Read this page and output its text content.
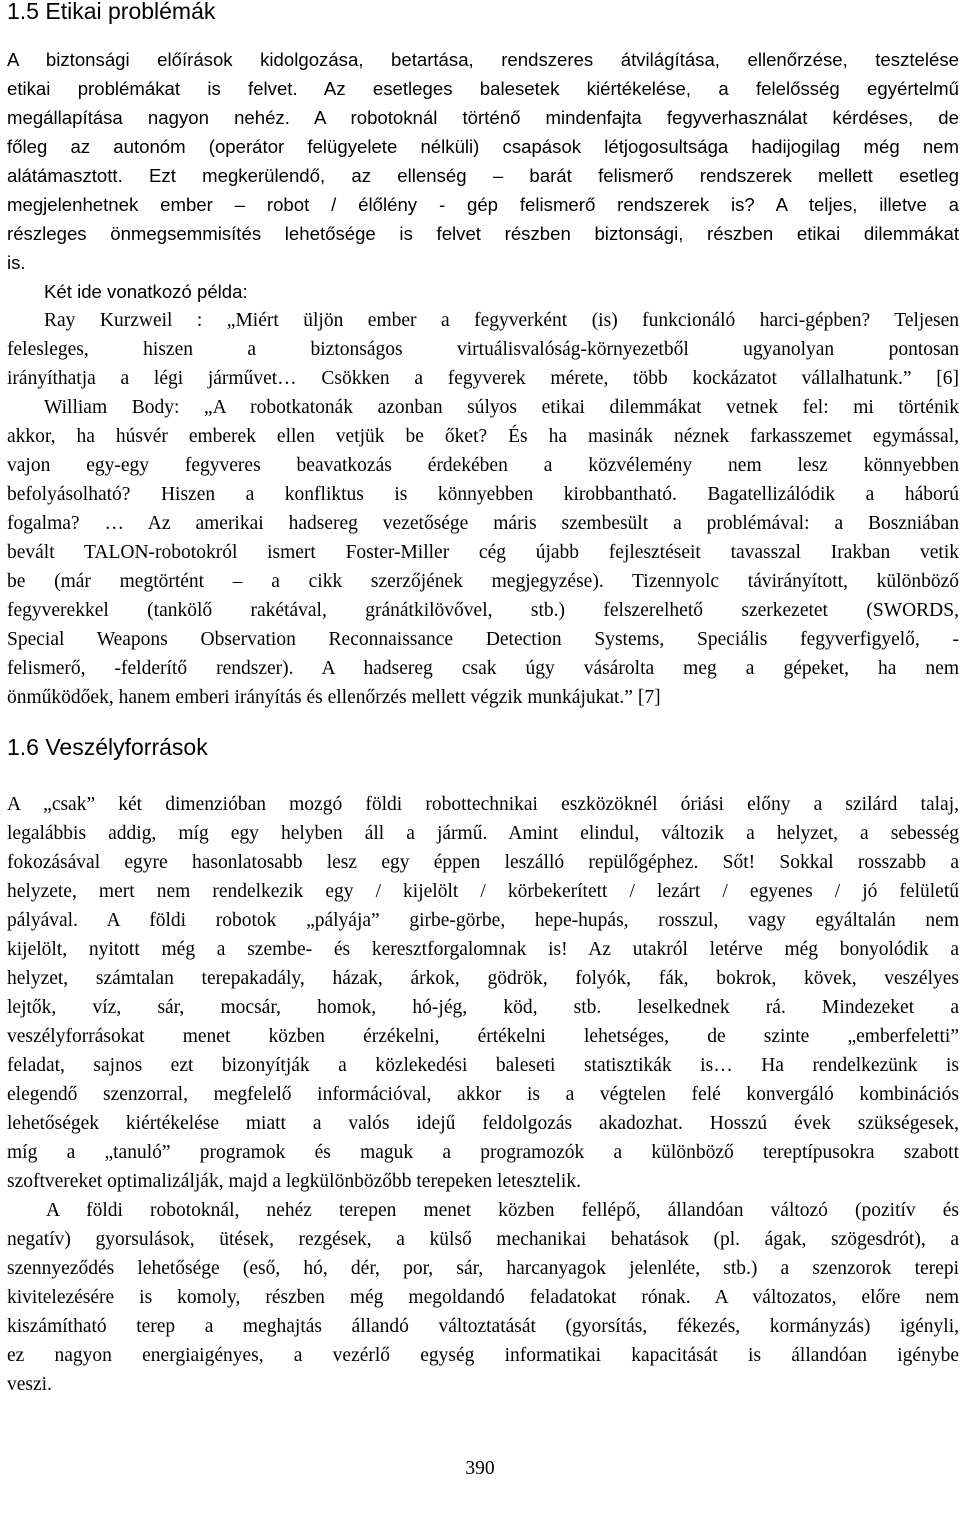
1.5 Etikai problémák
A biztonsági előírások kidolgozása, betartása, rendszeres átvilágítása, ellenőrzése, tesztelése
etikai problémákat is felvet. Az esetleges balesetek kiértékelése, a felelősség egyértelmű
megállapítása nagyon nehéz. A robotoknál történő mindenfajta fegyverhasználat kérdéses, de
főleg az autonóm (operátor felügyelete nélküli) csapások létjogosultsága hadijogilag még nem
alátámasztott. Ezt megkerülendő, az ellenség – barát felismerő rendszerek mellett esetleg
megjelenhetnek ember – robot / élőlény - gép felismerő rendszerek is? A teljes, illetve a
részleges önmegsemmisítés lehetősége is felvet részben biztonsági, részben etikai dilemmákat
is.
Két ide vonatkozó példa:
Ray Kurzweil : „Miért üljön ember a fegyverként (is) funkcionáló harci-gépben? Teljesen
felesleges, hiszen a biztonságos virtuálisvalóság-környezetből ugyanolyan pontosan
irányíthatja a légi járművet… Csökken a fegyverek mérete, több kockázatot vállalhatunk.” [6]
William Body: „A robotkatonák azonban súlyos etikai dilemmákat vetnek fel: mi történik
akkor, ha húsvér emberek ellen vetjük be őket? És ha masinák néznek farkasszemet egymással,
vajon egy-egy fegyveres beavatkozás érdekében a közvélemény nem lesz könnyebben
befolyásolható? Hiszen a konfliktus is könnyebben kirobbantható. Bagatellizálódik a háború
fogalma? … Az amerikai hadsereg vezetősége máris szembesült a problémával: a Boszniában
bevált TALON-robotokról ismert Foster-Miller cég újabb fejlesztéseit tavasszal Irakban vetik
be (már megtörtént – a cikk szerzőjének megjegyzése). Tizennyolc távirányított, különböző
fegyverekkel (tankölő rakétával, gránátkilövővel, stb.) felszerelhető szerkezetet (SWORDS,
Special Weapons Observation Reconnaissance Detection Systems, Speciális fegyverfigyelő, -
felismerő, -felderítő rendszer). A hadsereg csak úgy vásárolta meg a gépeket, ha nem
önműködőek, hanem emberi irányítás és ellenőrzés mellett végzik munkájukat.” [7]
1.6 Veszélyforrások
A „csak” két dimenzióban mozgó földi robottechnikai eszközöknél óriási előny a szilárd talaj,
legalábbis addig, míg egy helyben áll a jármű. Amint elindul, változik a helyzet, a sebesség
fokozásával egyre hasonlatosabb lesz egy éppen leszálló repülőgéphez. Sőt! Sokkal rosszabb a
helyzete, mert nem rendelkezik egy / kijelölt / körbekerített / lezárt / egyenes / jó felületű
pályával. A földi robotok „pályája” girbe-görbe, hepe-hupás, rosszul, vagy egyáltalán nem
kijelölt, nyitott még a szembe- és keresztforgalomnak is! Az utakról letérve még bonyolódik a
helyzet, számtalan terepakadály, házak, árkok, gödrök, folyók, fák, bokrok, kövek, veszélyes
lejtők, víz, sár, mocsár, homok, hó-jég, köd, stb. leselkednek rá. Mindezeket a
veszélyforrásokat menet közben érzékelni, értékelni lehetséges, de szinte „emberfeletti”
feladat, sajnos ezt bizonyítják a közlekedési baleseti statisztikák is… Ha rendelkezünk is
elegendő szenzorral, megfelelő információval, akkor is a végtelen felé konvergáló kombinációs
lehetőségek kiértékelése miatt a valós idejű feldolgozás akadozhat. Hosszú évek szükségesek,
míg a „tanuló” programok és maguk a programozók a különböző tereptípusokra szabott
szoftvereket optimalizálják, majd a legkülönbözőbb terepeken letesztelik.
A földi robotoknál, nehéz terepen menet közben fellépő, állandóan változó (pozitív és
negatív) gyorsulások, ütések, rezgések, a külső mechanikai behatások (pl. ágak, szögesdrót), a
szennyeződés lehetősége (eső, hó, dér, por, sár, harcanyagok jelenléte, stb.) a szenzorok terepi
kivitelezésére is komoly, részben még megoldandó feladatokat rónak. A változatos, előre nem
kiszámítható terep a meghajtás állandó változtatását (gyorsítás, fékezés, kormányzás) igényli,
ez nagyon energiaigényes, a vezérlő egység informatikai kapacitását is állandóan igénybe
veszi.
390
